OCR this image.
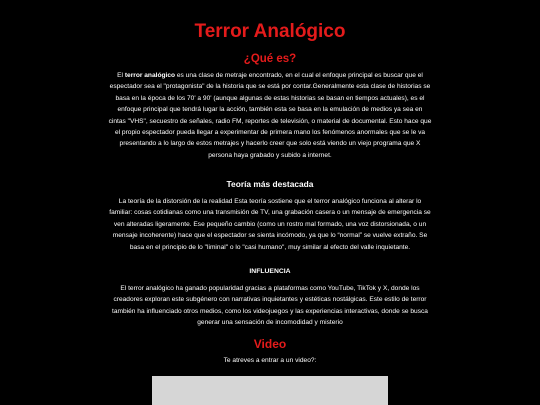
Terror Analógico
¿Qué es?

El terror analógico es una clase de metraje encontrado, en el cual el enfoque principal es buscar que el espectador sea el "protagonista" de la historia que se está por contar.Generalmente esta clase de historias se basa en la época de los 70' a 90' (aunque algunas de estas historias se basan en tiempos actuales), es el enfoque principal que tendrá lugar la acción, también esta se basa en la emulación de medios ya sea en cintas "VHS", secuestro de señales, radio FM, reportes de televisión, o material de documental. Esto hace que el propio espectador pueda llegar a experimentar de primera mano los fenómenos anormales que se le va presentando a lo largo de estos metrajes y hacerlo creer que solo está viendo un viejo programa que X persona haya grabado y subido a internet.

Teoría más destacada

La teoría de la distorsión de la realidad Esta teoría sostiene que el terror analógico funciona al alterar lo familiar: cosas cotidianas como una transmisión de TV, una grabación casera o un mensaje de emergencia se ven alteradas ligeramente. Ese pequeño cambio (como un rostro mal formado, una voz distorsionada, o un mensaje incoherente) hace que el espectador se sienta incómodo, ya que lo “normal” se vuelve extraño. Se basa en el principio de lo "liminal" o lo "casi humano", muy similar al efecto del valle inquietante.

INFLUENCIA

El terror analógico ha ganado popularidad gracias a plataformas como YouTube, TikTok y X, donde los creadores exploran este subgénero con narrativas inquietantes y estéticas nostálgicas. Este estilo de terror también ha influenciado otros medios, como los videojuegos y las experiencias interactivas, donde se busca generar una sensación de incomodidad y misterio

Video

Te atreves a entrar a un video?:
